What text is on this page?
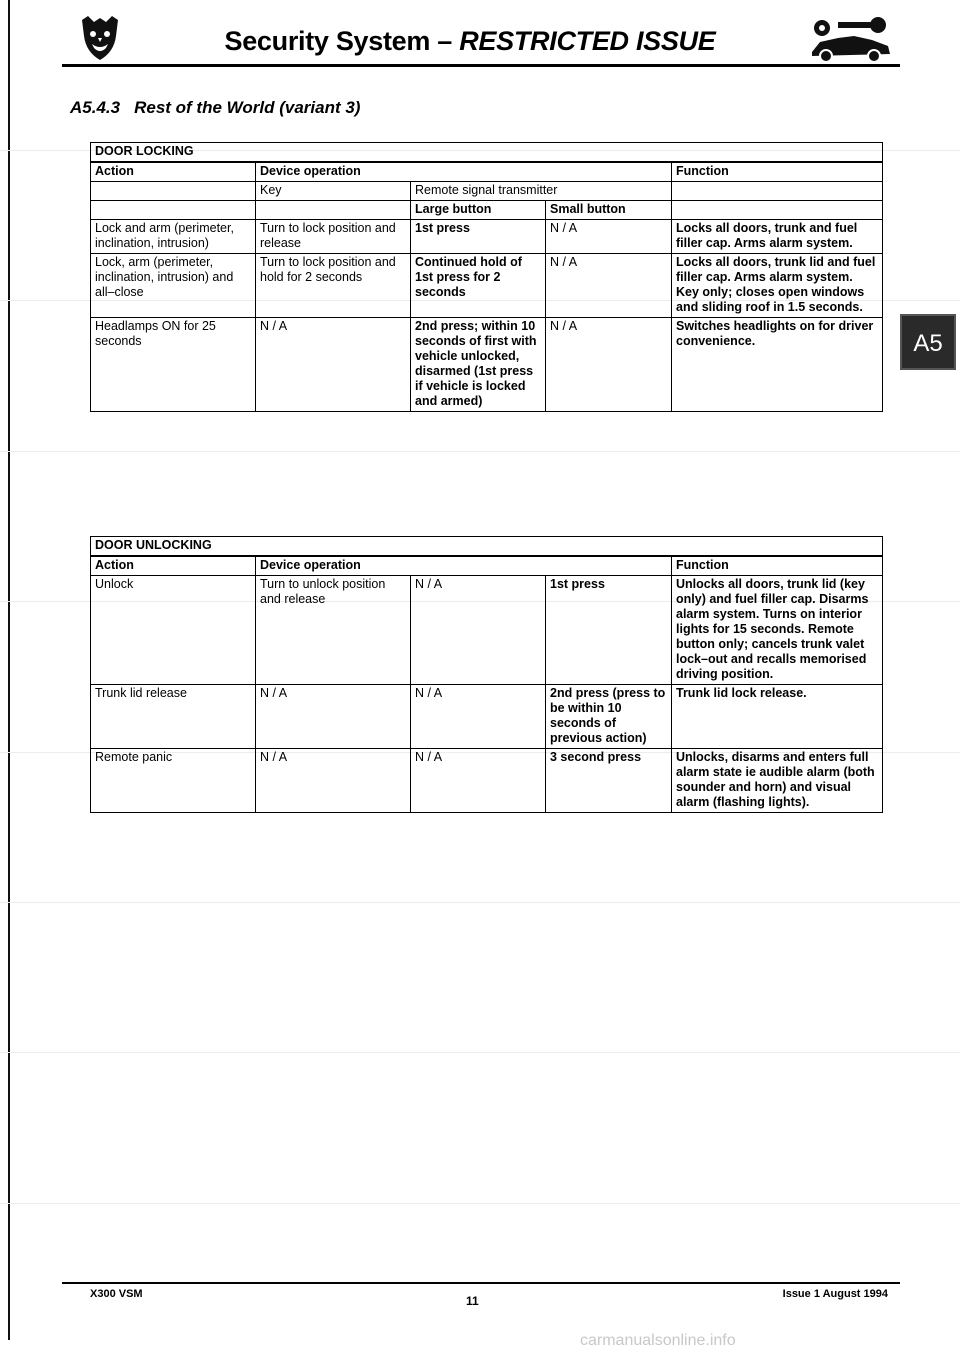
Security System – RESTRICTED ISSUE
A5.4.3 Rest of the World (variant 3)
A5
DOOR LOCKING				
Action	Device operation			Function
	Key	Remote signal transmitter		
		Large button	Small button	
Lock and arm (perimeter, inclination, intrusion)	Turn to lock position and release	1st press	N / A	Locks all doors, trunk and fuel filler cap. Arms alarm system.
Lock, arm (perimeter, inclination, intrusion) and all–close	Turn to lock position and hold for 2 seconds	Continued hold of 1st press for 2 seconds	N / A	Locks all doors, trunk lid and fuel filler cap. Arms alarm system. Key only; closes open windows and sliding roof in 1.5 seconds.
Headlamps ON for 25 seconds	N / A	2nd press; within 10 seconds of first with vehicle unlocked, disarmed (1st press if vehicle is locked and armed)	N / A	Switches headlights on for driver convenience.
DOOR UNLOCKING				
Action	Device operation			Function
Unlock	Turn to unlock position and release	N / A	1st press	Unlocks all doors, trunk lid (key only) and fuel filler cap. Disarms alarm system. Turns on interior lights for 15 seconds. Remote button only; cancels trunk valet lock–out and recalls memorised driving position.
Trunk lid release	N / A	N / A	2nd press (press to be within 10 seconds of previous action)	Trunk lid lock release.
Remote panic	N / A	N / A	3 second press	Unlocks, disarms and enters full alarm state ie audible alarm (both sounder and horn) and visual alarm (flashing lights).
X300 VSM	11	Issue 1 August 1994
carmanualsonline.info
